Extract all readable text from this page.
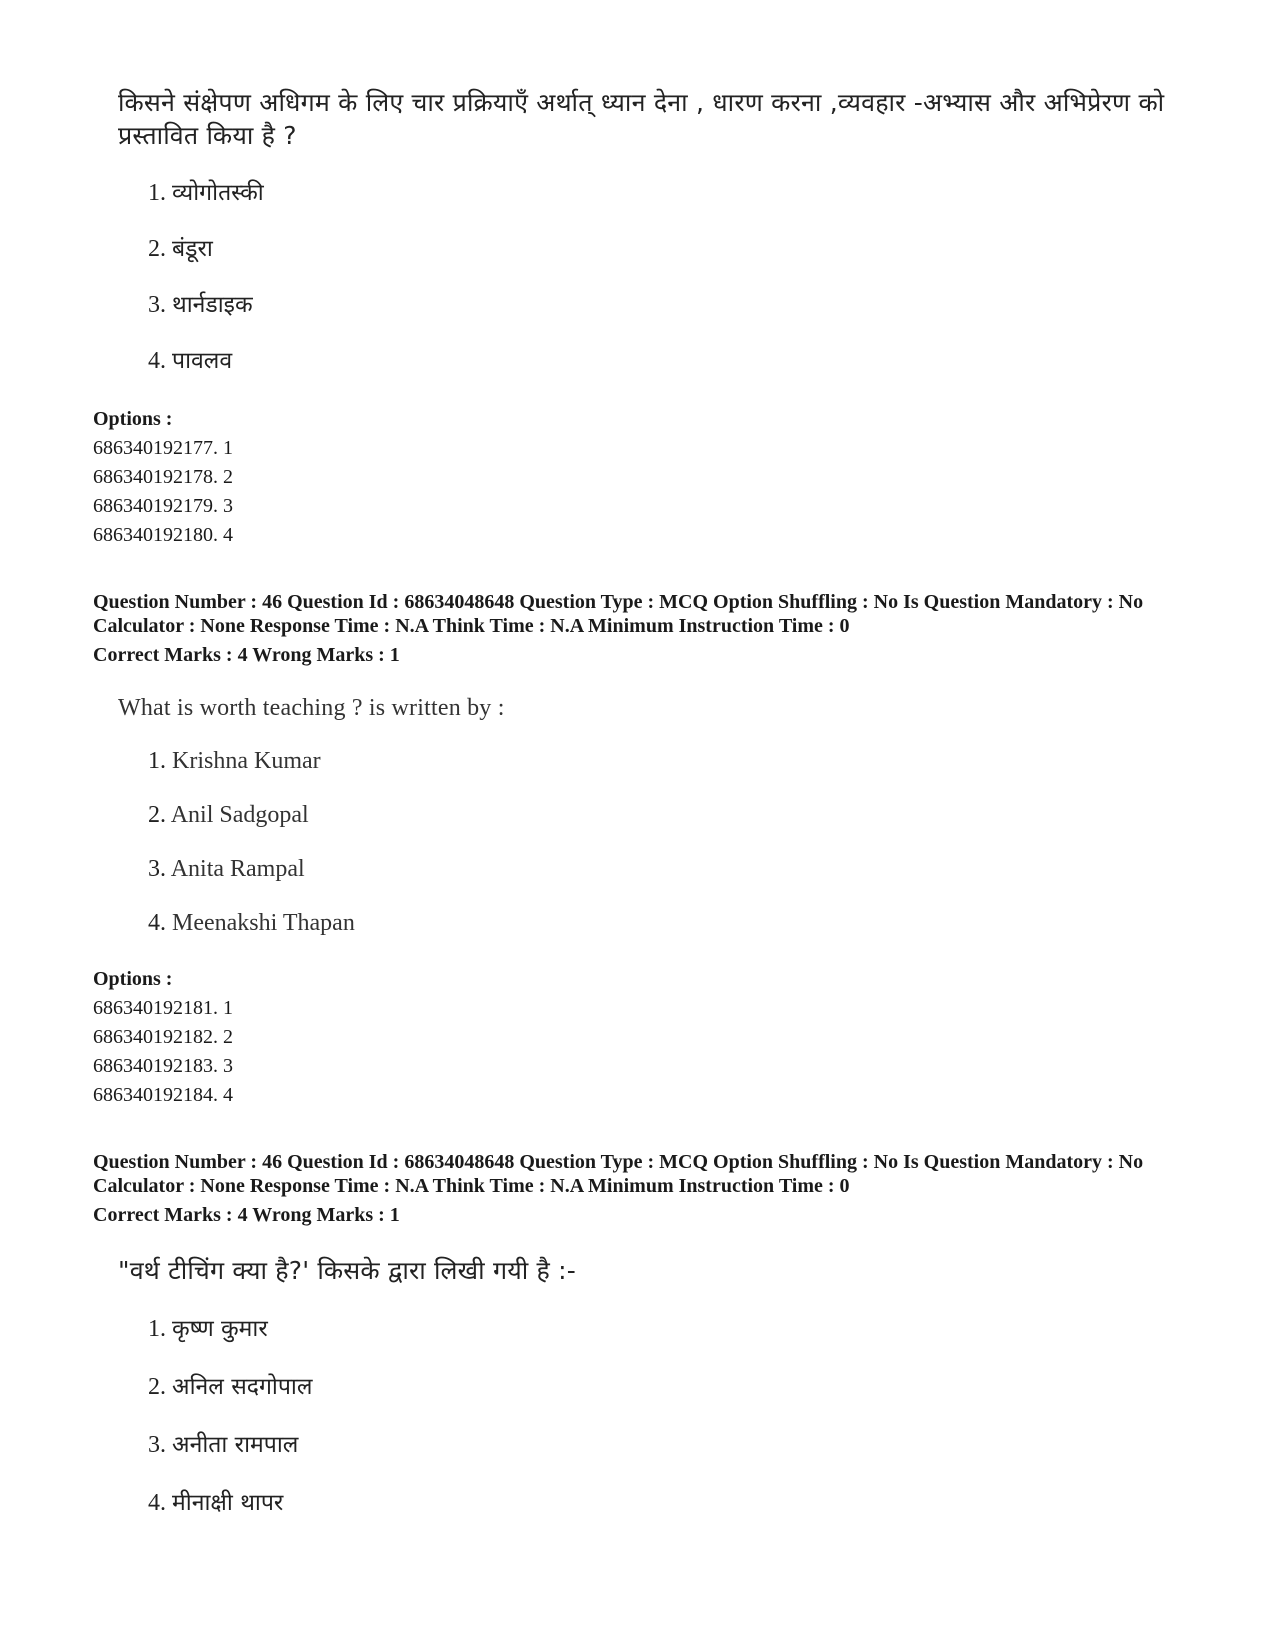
किसने संक्षेपण अधिगम के लिए चार प्रक्रियाएँ अर्थात् ध्यान देना , धारण करना ,व्यवहार -अभ्यास और अभिप्रेरण को प्रस्तावित किया है ?
1. व्योगोतस्की
2. बंडूरा
3. थार्नडाइक
4. पावलव
Options :
686340192177. 1
686340192178. 2
686340192179. 3
686340192180. 4
Question Number : 46 Question Id : 68634048648 Question Type : MCQ Option Shuffling : No Is Question Mandatory : No Calculator : None Response Time : N.A Think Time : N.A Minimum Instruction Time : 0
Correct Marks : 4 Wrong Marks : 1
What is worth teaching ? is written by :
1. Krishna Kumar
2. Anil Sadgopal
3. Anita Rampal
4. Meenakshi Thapan
Options :
686340192181. 1
686340192182. 2
686340192183. 3
686340192184. 4
Question Number : 46 Question Id : 68634048648 Question Type : MCQ Option Shuffling : No Is Question Mandatory : No Calculator : None Response Time : N.A Think Time : N.A Minimum Instruction Time : 0
Correct Marks : 4 Wrong Marks : 1
"वर्थ टीचिंग क्या है?' किसके द्वारा लिखी गयी है :-
1. कृष्ण कुमार
2. अनिल सदगोपाल
3. अनीता रामपाल
4. मीनाक्षी थापर
